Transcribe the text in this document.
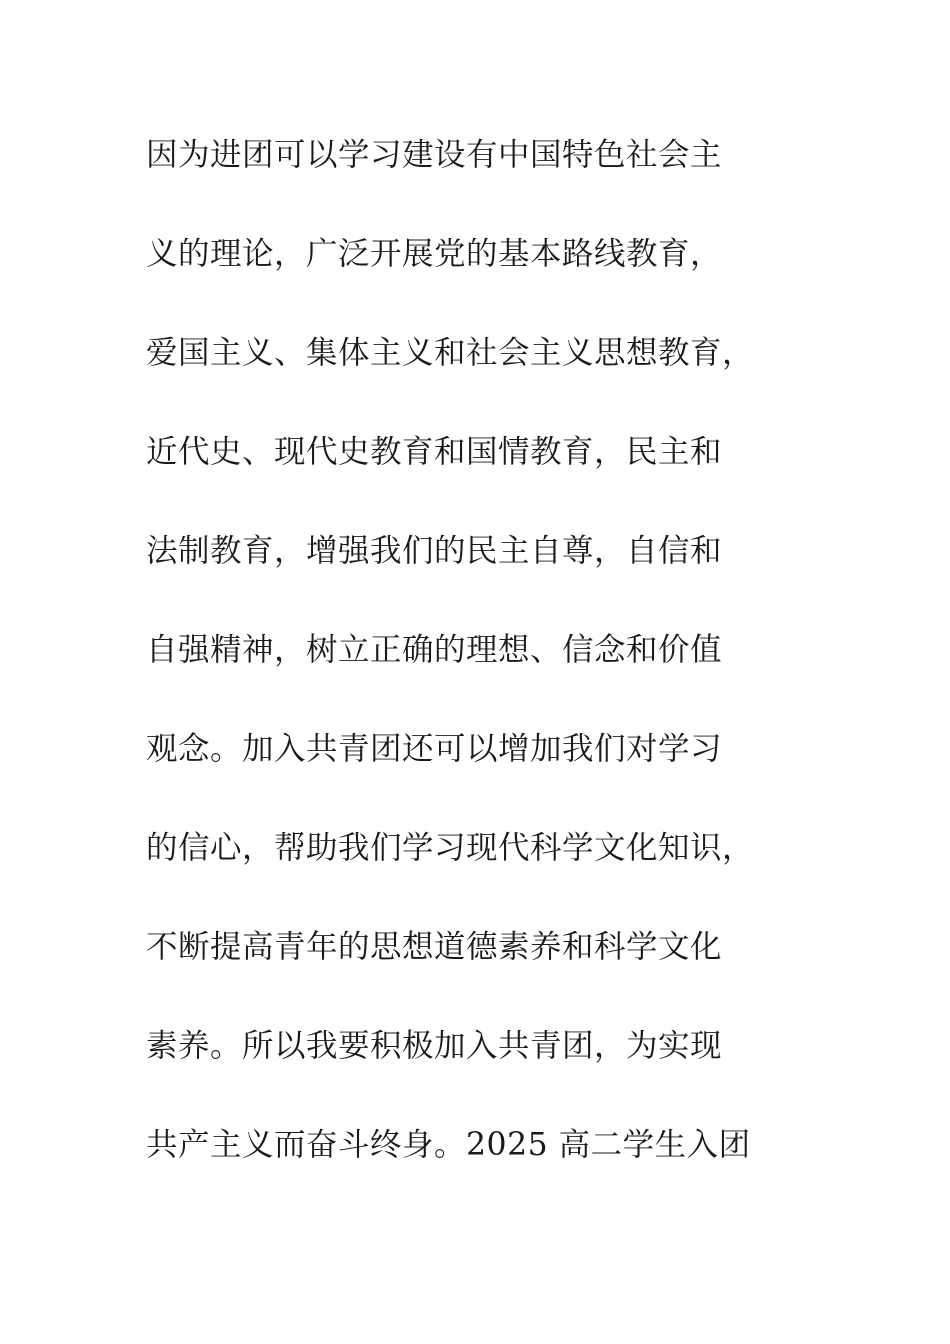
因为进团可以学习建设有中国特色社会主
义的理论，广泛开展党的基本路线教育，
爱国主义、集体主义和社会主义思想教育，
近代史、现代史教育和国情教育，民主和
法制教育，增强我们的民主自尊，自信和
自强精神，树立正确的理想、信念和价值
观念。加入共青团还可以增加我们对学习
的信心，帮助我们学习现代科学文化知识，
不断提高青年的思想道德素养和科学文化
素养。所以我要积极加入共青团，为实现
共产主义而奋斗终身。2025 高二学生入团
